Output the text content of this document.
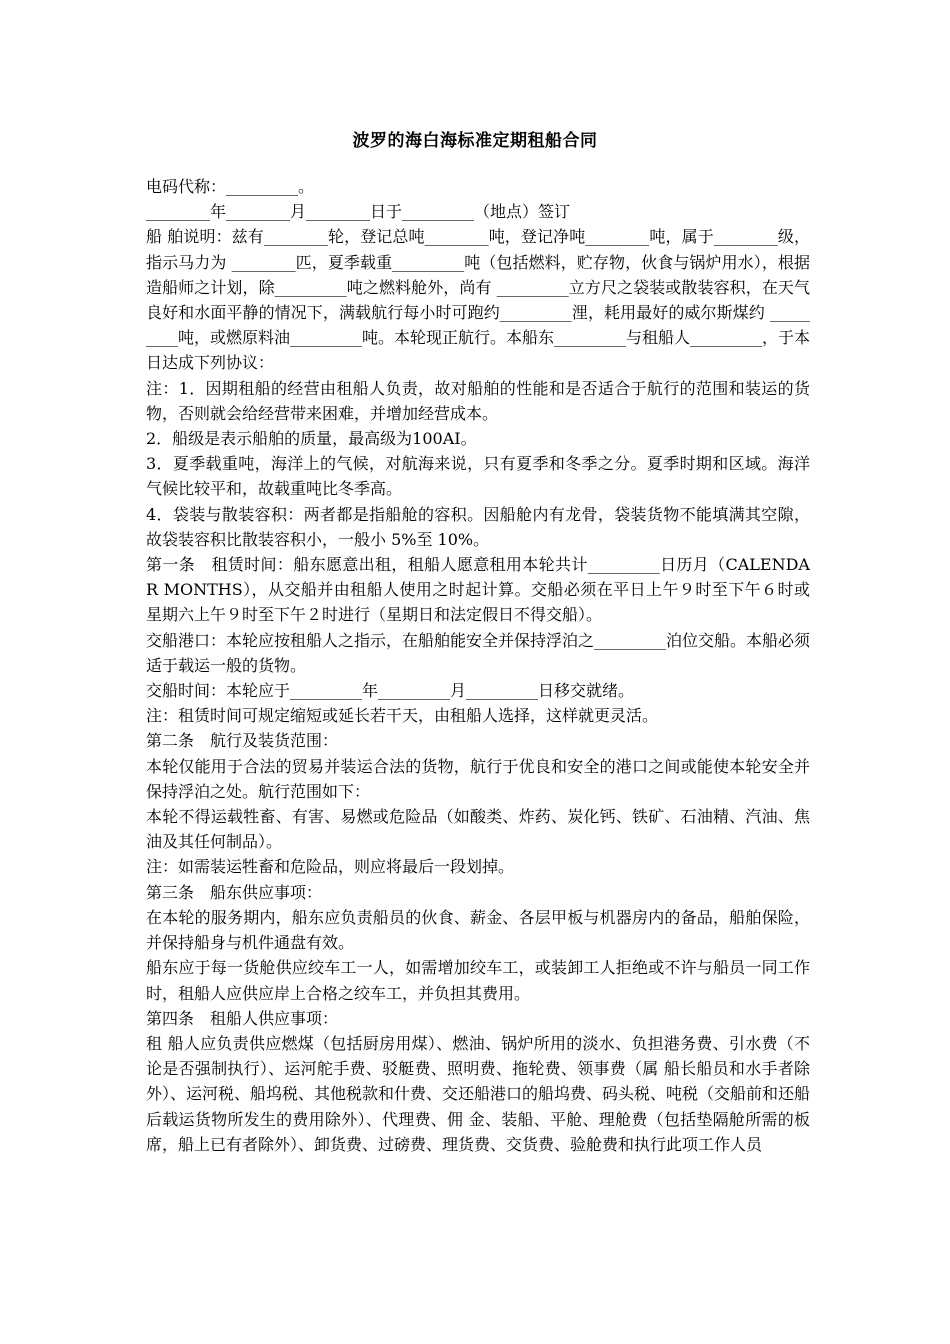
波罗的海白海标准定期租船合同

电码代称：_________。

________年________月________日于_________（地点）签订

船 舶说明：兹有________轮，登记总吨________吨，登记净吨________吨，属于________级，指示马力为 ________匹，夏季载重_________吨（包括燃料，贮存物，伙食与锅炉用水），根据造船师之计划，除_________吨之燃料舱外，尚有 _________立方尺之袋装或散装容积，在天气良好和水面平静的情况下，满载航行每小时可跑约_________浬，耗用最好的威尔斯煤约 _________吨，或燃原料油_________吨。本轮现正航行。本船东_________与租船人_________，于本日达成下列协议：

注：1．因期租船的经营由租船人负责，故对船舶的性能和是否适合于航行的范围和装运的货物，否则就会给经营带来困难，并增加经营成本。

2．船级是表示船舶的质量，最高级为100AI。

3．夏季载重吨，海洋上的气候，对航海来说，只有夏季和冬季之分。夏季时期和区域。海洋气候比较平和，故载重吨比冬季高。

4．袋装与散装容积：两者都是指船舱的容积。因船舱内有龙骨，袋装货物不能填满其空隙，故袋装容积比散装容积小，一般小 5%至 10%。

第一条　租赁时间：船东愿意出租，租船人愿意租用本轮共计_________日历月（CALENDAR MONTHS），从交船并由租船人使用之时起计算。交船必须在平日上午９时至下午６时或星期六上午９时至下午２时进行（星期日和法定假日不得交船）。

交船港口：本轮应按租船人之指示，在船舶能安全并保持浮泊之_________泊位交船。本船必须适于载运一般的货物。

交船时间：本轮应于_________年_________月_________日移交就绪。

注：租赁时间可规定缩短或延长若干天，由租船人选择，这样就更灵活。

第二条　航行及装货范围：

本轮仅能用于合法的贸易并装运合法的货物，航行于优良和安全的港口之间或能使本轮安全并保持浮泊之处。航行范围如下：

本轮不得运载牲畜、有害、易燃或危险品（如酸类、炸药、炭化钙、铁矿、石油精、汽油、焦油及其任何制品）。

注：如需装运牲畜和危险品，则应将最后一段划掉。

第三条　船东供应事项：

在本轮的服务期内，船东应负责船员的伙食、薪金、各层甲板与机器房内的备品，船舶保险，并保持船身与机件通盘有效。

船东应于每一货舱供应绞车工一人，如需增加绞车工，或装卸工人拒绝或不许与船员一同工作时，租船人应供应岸上合格之绞车工，并负担其费用。

第四条　租船人供应事项：

租 船人应负责供应燃煤（包括厨房用煤）、燃油、锅炉所用的淡水、负担港务费、引水费（不论是否强制执行）、运河舵手费、驳艇费、照明费、拖轮费、领事费（属 船长船员和水手者除外）、运河税、船坞税、其他税款和什费、交还船港口的船坞费、码头税、吨税（交船前和还船后载运货物所发生的费用除外）、代理费、佣 金、装船、平舱、理舱费（包括垫隔舱所需的板席，船上已有者除外）、卸货费、过磅费、理货费、交货费、验舱费和执行此项工作人员
